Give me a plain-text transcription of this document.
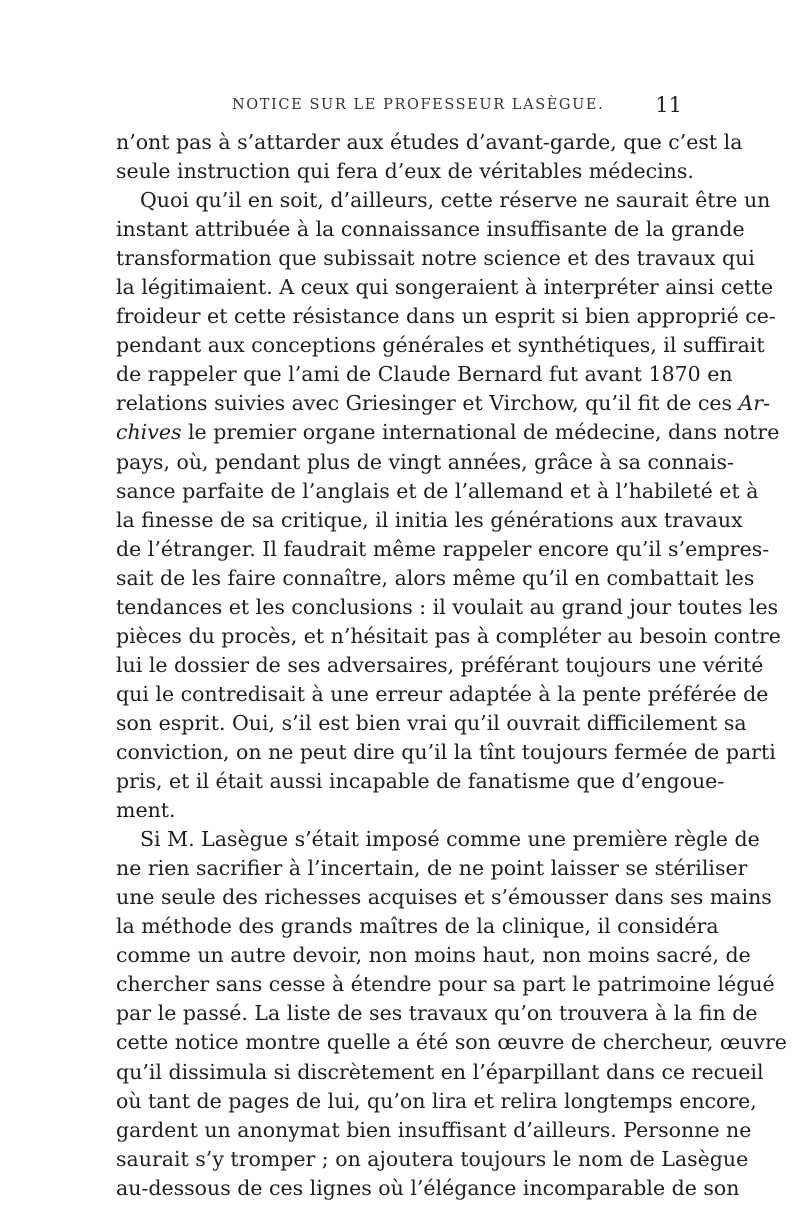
NOTICE SUR LE PROFESSEUR LASÈGUE. 11
n’ont pas à s’attarder aux études d’avant-garde, que c’est la
seule instruction qui fera d’eux de véritables médecins.
Quoi qu’il en soit, d’ailleurs, cette réserve ne saurait être un
instant attribuée à la connaissance insuffisante de la grande
transformation que subissait notre science et des travaux qui
la légitimaient. A ceux qui songeraient à interpréter ainsi cette
froideur et cette résistance dans un esprit si bien approprié ce-
pendant aux conceptions générales et synthétiques, il suffirait
de rappeler que l’ami de Claude Bernard fut avant 1870 en
relations suivies avec Griesinger et Virchow, qu’il fit de ces Ar-
chives le premier organe international de médecine, dans notre
pays, où, pendant plus de vingt années, grâce à sa connais-
sance parfaite de l’anglais et de l’allemand et à l’habileté et à
la finesse de sa critique, il initia les générations aux travaux
de l’étranger. Il faudrait même rappeler encore qu’il s’empres-
sait de les faire connaître, alors même qu’il en combattait les
tendances et les conclusions : il voulait au grand jour toutes les
pièces du procès, et n’hésitait pas à compléter au besoin contre
lui le dossier de ses adversaires, préférant toujours une vérité
qui le contredisait à une erreur adaptée à la pente préférée de
son esprit. Oui, s’il est bien vrai qu’il ouvrait difficilement sa
conviction, on ne peut dire qu’il la tînt toujours fermée de parti
pris, et il était aussi incapable de fanatisme que d’engoue-
ment.
Si M. Lasègue s’était imposé comme une première règle de
ne rien sacrifier à l’incertain, de ne point laisser se stériliser
une seule des richesses acquises et s’émousser dans ses mains
la méthode des grands maîtres de la clinique, il considéra
comme un autre devoir, non moins haut, non moins sacré, de
chercher sans cesse à étendre pour sa part le patrimoine légué
par le passé. La liste de ses travaux qu’on trouvera à la fin de
cette notice montre quelle a été son œuvre de chercheur, œuvre
qu’il dissimula si discrètement en l’éparpillant dans ce recueil
où tant de pages de lui, qu’on lira et relira longtemps encore,
gardent un anonymat bien insuffisant d’ailleurs. Personne ne
saurait s’y tromper ; on ajoutera toujours le nom de Lasègue
au-dessous de ces lignes où l’élégance incomparable de son
